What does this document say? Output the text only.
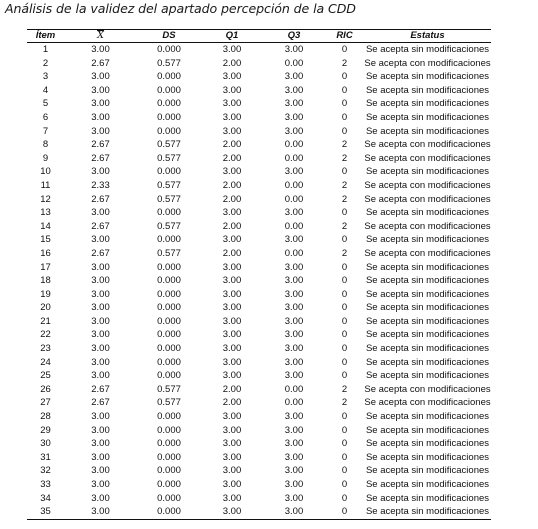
Análisis de la validez del apartado percepción de la CDD
Ítem	X	DS	Q1	Q3	RIC	Estatus
1	3.00	0.000	3.00	3.00	0	Se acepta sin modificaciones
2	2.67	0.577	2.00	0.00	2	Se acepta con modificaciones
3	3.00	0.000	3.00	3.00	0	Se acepta sin modificaciones
4	3.00	0.000	3.00	3.00	0	Se acepta sin modificaciones
5	3.00	0.000	3.00	3.00	0	Se acepta sin modificaciones
6	3.00	0.000	3.00	3.00	0	Se acepta sin modificaciones
7	3.00	0.000	3.00	3.00	0	Se acepta sin modificaciones
8	2.67	0.577	2.00	0.00	2	Se acepta con modificaciones
9	2.67	0.577	2.00	0.00	2	Se acepta con modificaciones
10	3.00	0.000	3.00	3.00	0	Se acepta sin modificaciones
11	2.33	0.577	2.00	0.00	2	Se acepta con modificaciones
12	2.67	0.577	2.00	0.00	2	Se acepta con modificaciones
13	3.00	0.000	3.00	3.00	0	Se acepta sin modificaciones
14	2.67	0.577	2.00	0.00	2	Se acepta con modificaciones
15	3.00	0.000	3.00	3.00	0	Se acepta sin modificaciones
16	2.67	0.577	2.00	0.00	2	Se acepta con modificaciones
17	3.00	0.000	3.00	3.00	0	Se acepta sin modificaciones
18	3.00	0.000	3.00	3.00	0	Se acepta sin modificaciones
19	3.00	0.000	3.00	3.00	0	Se acepta sin modificaciones
20	3.00	0.000	3.00	3.00	0	Se acepta sin modificaciones
21	3.00	0.000	3.00	3.00	0	Se acepta sin modificaciones
22	3.00	0.000	3.00	3.00	0	Se acepta sin modificaciones
23	3.00	0.000	3.00	3.00	0	Se acepta sin modificaciones
24	3.00	0.000	3.00	3.00	0	Se acepta sin modificaciones
25	3.00	0.000	3.00	3.00	0	Se acepta sin modificaciones
26	2.67	0.577	2.00	0.00	2	Se acepta con modificaciones
27	2.67	0.577	2.00	0.00	2	Se acepta con modificaciones
28	3.00	0.000	3.00	3.00	0	Se acepta sin modificaciones
29	3.00	0.000	3.00	3.00	0	Se acepta sin modificaciones
30	3.00	0.000	3.00	3.00	0	Se acepta sin modificaciones
31	3.00	0.000	3.00	3.00	0	Se acepta sin modificaciones
32	3.00	0.000	3.00	3.00	0	Se acepta sin modificaciones
33	3.00	0.000	3.00	3.00	0	Se acepta sin modificaciones
34	3.00	0.000	3.00	3.00	0	Se acepta sin modificaciones
35	3.00	0.000	3.00	3.00	0	Se acepta sin modificaciones
